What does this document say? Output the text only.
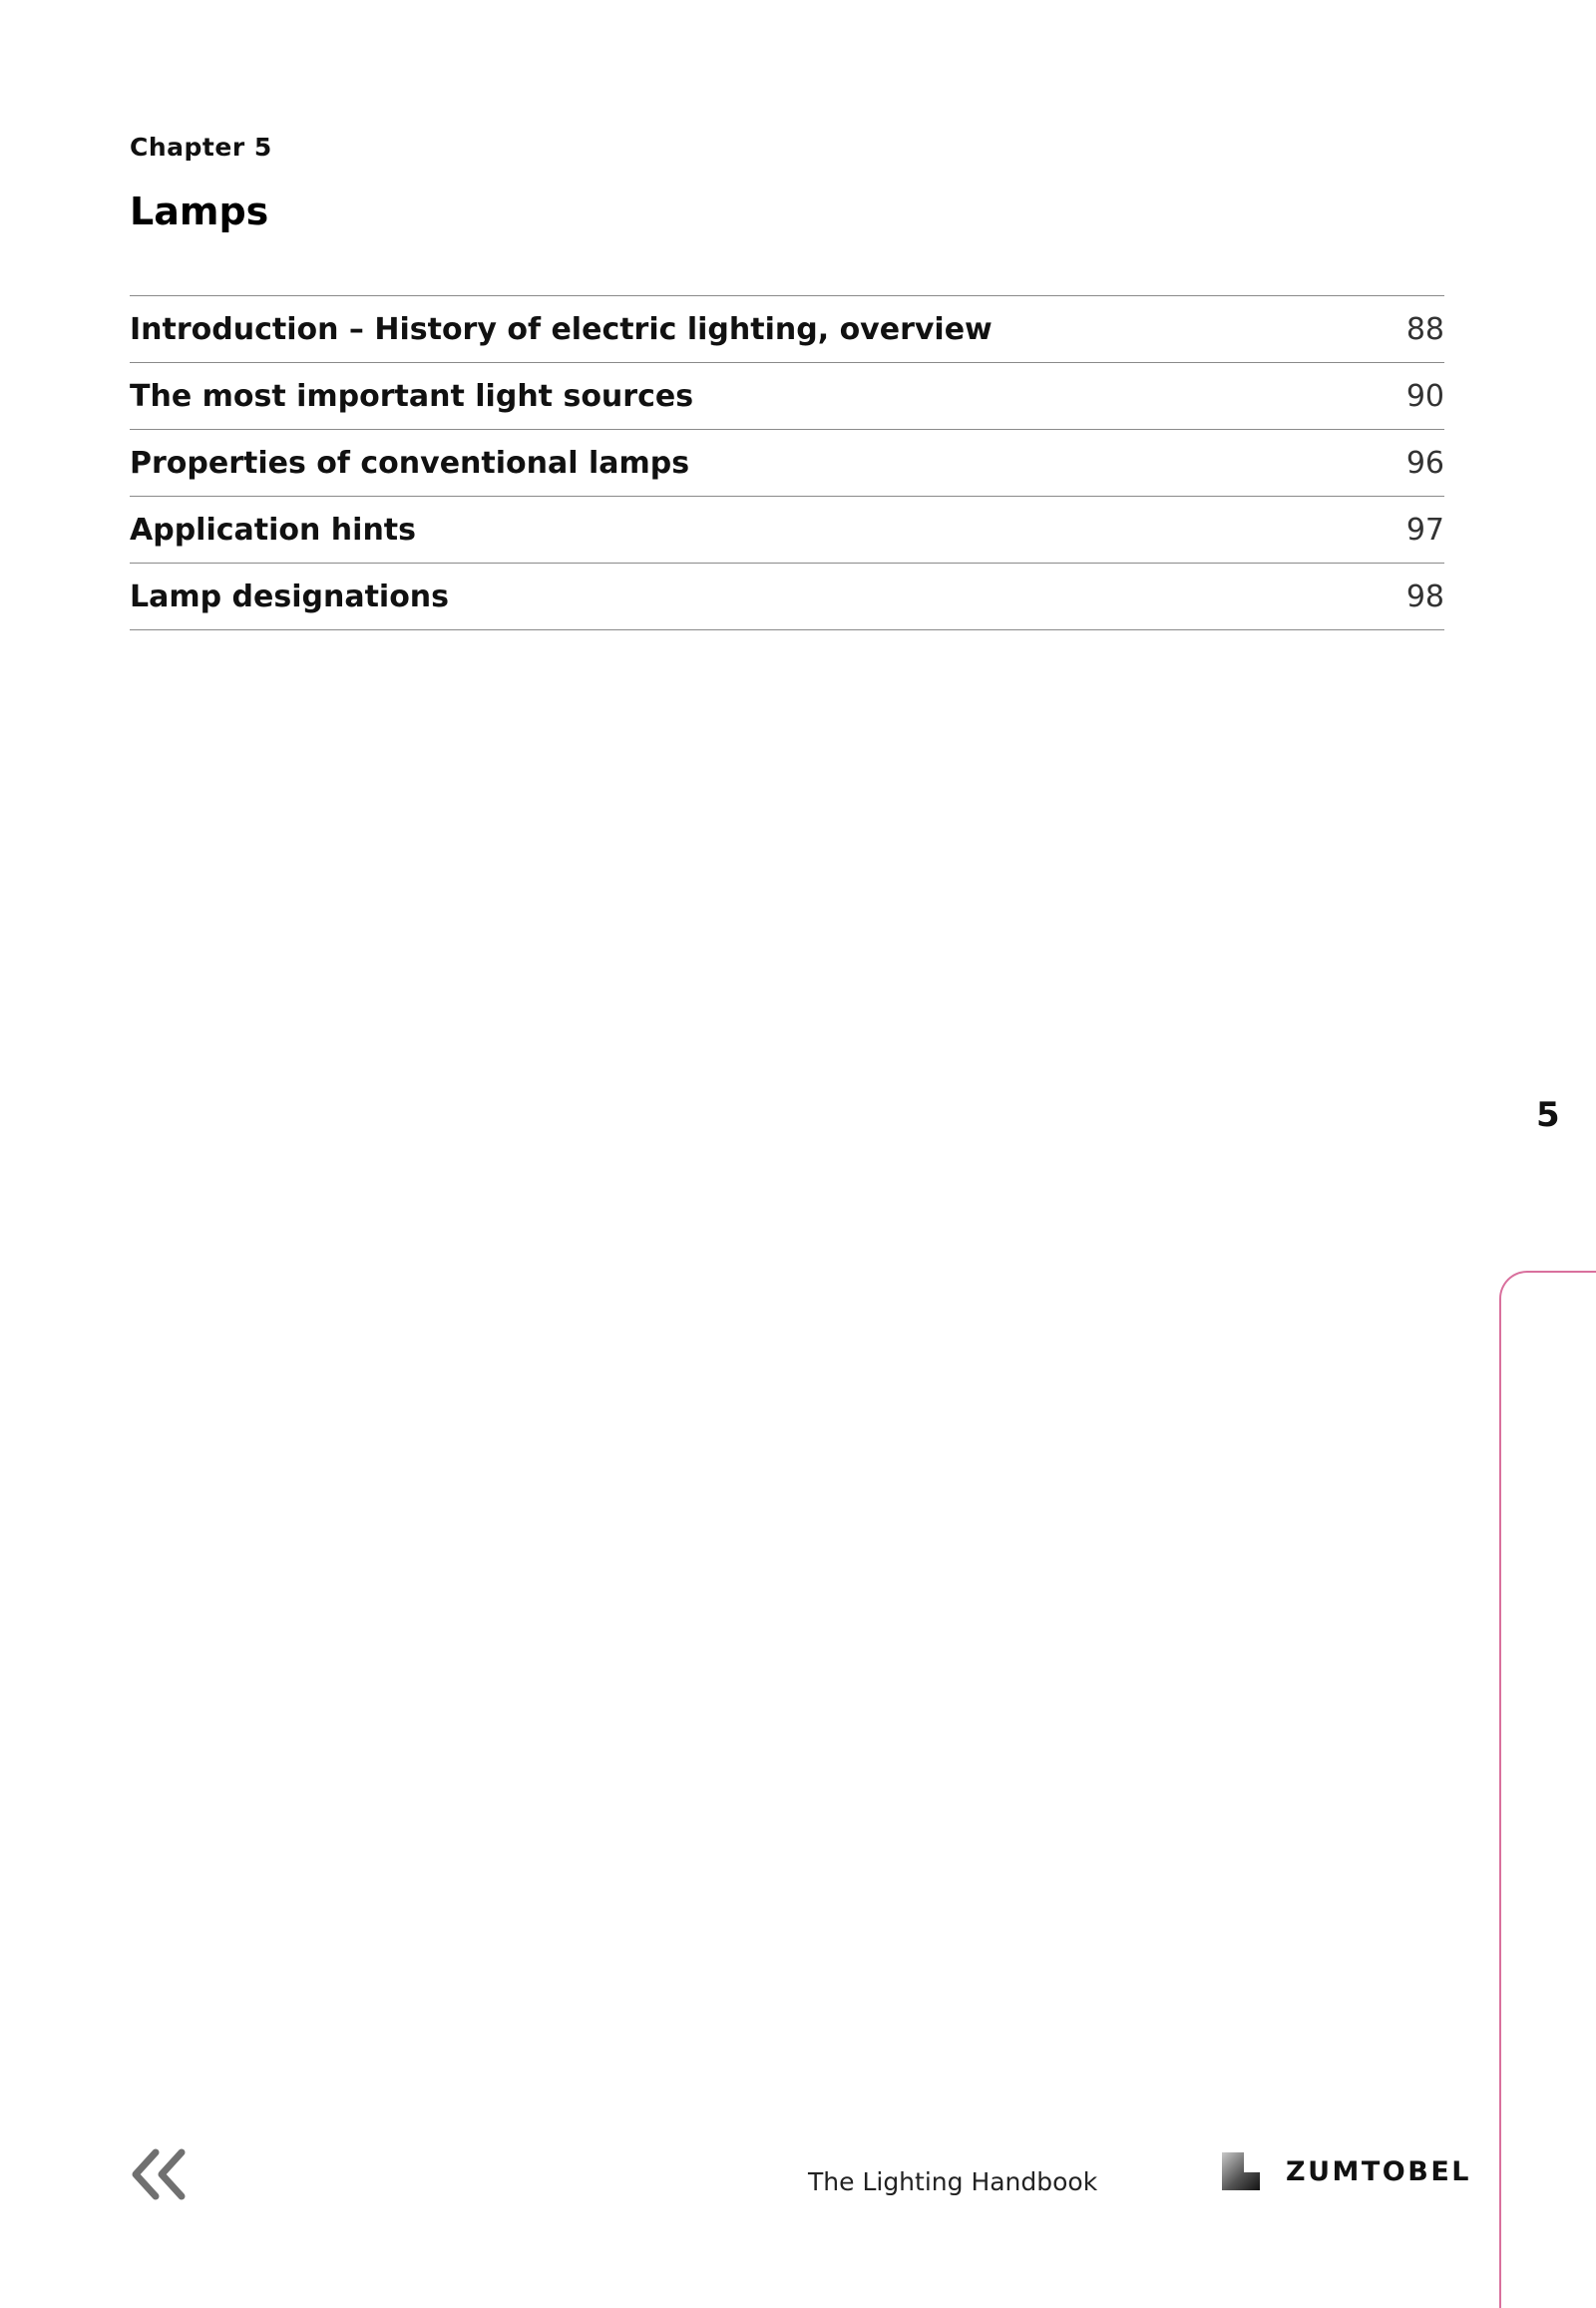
Chapter 5
Lamps
Introduction – History of electric lighting, overview	88
The most important light sources	90
Properties of conventional lamps	96
Application hints	97
Lamp designations	98
5
The Lighting Handbook	ZUMTOBEL
